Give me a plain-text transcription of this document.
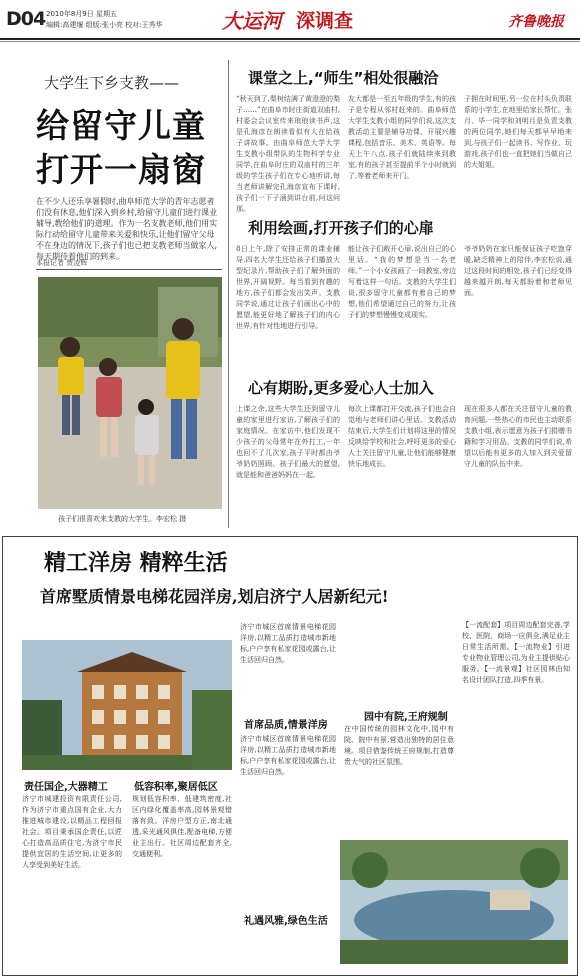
D04 2010年8月9日 星期五
编辑:高建堰 组版:张小亮 校对:王秀华	大运河 深调查	齐鲁晚报
大学生下乡支教——
给留守儿童
打开一扇窗
在不少人还乐享暑假时,曲阜师范大学的青年志愿者们没有休息,他们深入到乡村,给留守儿童们进行课业辅导,教给他们的道理。作为一名支教老师,他们用实际行动给留守儿童带来关爱和快乐,让他们留守父母不在身边的情况下,孩子们也已把支教老师当做家人,每天期待着他们的到来。
本报记者 贾凌辉
孩子们很喜欢来支教的大学生。李宏松 摄
课堂之上,“师生”相处很融洽
“秋天到了,梨树结满了黄澄澄的梨子……”在曲阜市时庄街道双庙村,村委会会议室传来琅琅读书声,这是孔海彦在朗读看似有人在给孩子讲故事。由曲阜师范大学大学生支教小组带队的生物科学专业同学,在曲阜时庄的双庙村的三年级的学生孩子们在专心地听讲,每当老师讲解完孔海彦宣布下课时,孩子们一下子涌到讲台前,问这问那。
友大都是一至五年级的学生,有的孩子是专程从邻村赶来的。曲阜师范大学生支教小组的同学们说,这次支教活动主要是辅导功课、开展兴趣课程,包括音乐、美术、英语等。每天上午八点,孩子们就陆续来到教室,有的孩子甚至提前半个小时就到了,等着老师来开门。
子拥在时间里,另一位在村头负责联系的小学生,在地里给家长帮忙。张月、毕一同学和刘明月是负责支教的两位同学,她们每天都早早地来到,与孩子们一起读书、写作业、玩游戏,孩子们也一直把她们当做自己的大姐姐。
利用绘画,打开孩子们的心扉
8日上午,除了安排正常的课业辅导,四名大学生还给孩子们播放大型纪录片,帮助孩子们了解外面的世界,开阔视野。每当看到有趣的地方,孩子们都会发出笑声。支教同学说,通过让孩子们画出心中的愿望,能更好地了解孩子们的内心世界,有针对性地进行引导。
能让孩子们敞开心扉,说出自己的心里话。“我的梦想是当一名老师。”一个小女孩画了一间教室,旁边写着这样一句话。支教的大学生们说,很多留守儿童都有着自己的梦想,他们希望通过自己的努力,让孩子们的梦想慢慢变成现实。
爷爷奶奶在家只能保证孩子吃饱穿暖,缺乏精神上的陪伴,李宏松说,通过这段时间的相处,孩子们已经变得越来越开朗,每天都盼着和老师见面。
心有期盼,更多爱心人士加入
上课之余,这些大学生还到留守儿童的家里进行家访,了解孩子们的家庭情况。在家访中,他们发现不少孩子的父母常年在外打工,一年也回不了几次家,孩子平时都由爷爷奶奶照顾。孩子们最大的愿望,就是能和爸爸妈妈在一起。
每次上课都打开交流,孩子们也会自觉地与老师们讲心里话。支教活动结束后,大学生们计划将这里的情况反映给学校和社会,呼吁更多的爱心人士关注留守儿童,让他们能够健康快乐地成长。
现在很多人都在关注留守儿童的教育问题,一些热心的市民也主动联系支教小组,表示愿意为孩子们捐赠书籍和学习用品。支教的同学们说,希望以后能有更多的人加入到关爱留守儿童的队伍中来。
精工洋房 精粹生活
首席墅质情景电梯花园洋房,划启济宁人居新纪元!
责任国企,大器精工
济宁市城建投资有限责任公司,作为济宁市重点国有企业,大力推进城市建设,以精品工程回报社会。项目秉承国企责任,以匠心打造高品质住宅,为济宁市民提供宜居的生活空间,让更多的人享受到美好生活。
低容积率,聚居低区
规划低容积率、低建筑密度,社区内绿化覆盖率高,园林景观错落有致。洋房户型方正,南北通透,采光通风俱佳,配备电梯,方便业主出行。社区周边配套齐全,交通便利。
首席品质,情景洋房
济宁市城区首席情景电梯花园洋房,以精工品质打造城市新地标,户户享有私家花园或露台,让生活回归自然。
礼遇风雅,绿色生活
济宁市城区首席情景电梯花园洋房,以精工品质打造城市新地标,户户享有私家花园或露台,让生活回归自然。
园中有院,王府规制
在中国传统的园林文化中,园中有院、院中有景,营造出独特的居住意境。项目借鉴传统王府规制,打造尊贵大气的社区氛围。
【一流配套】项目周边配套完善,学校、医院、商场一应俱全,满足业主日常生活所需。【一流物业】引进专业物业管理公司,为业主提供贴心服务。【一流景观】社区园林由知名设计团队打造,四季有景。
